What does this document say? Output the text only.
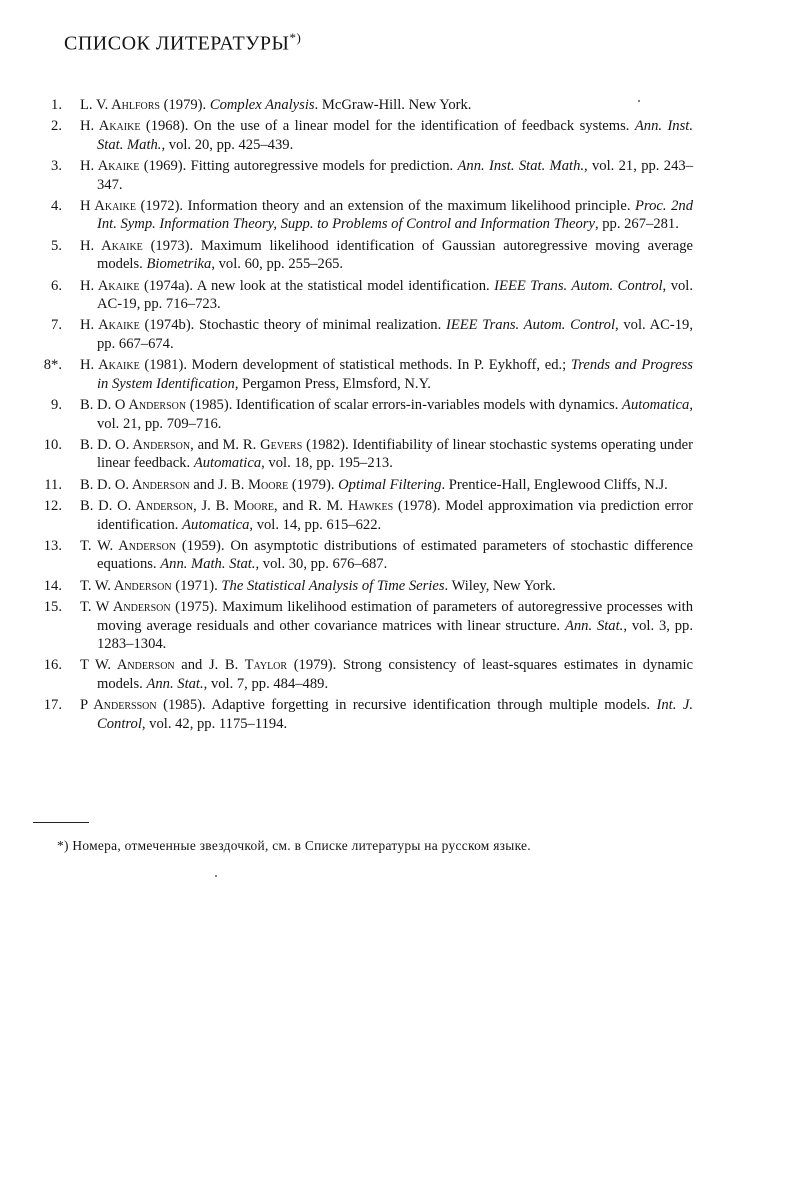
СПИСОК ЛИТЕРАТУРЫ*)
1. L. V. Ahlfors (1979). Complex Analysis. McGraw-Hill. New York.
2. H. Akaike (1968). On the use of a linear model for the identification of feedback systems. Ann. Inst. Stat. Math., vol. 20, pp. 425–439.
3. H. Akaike (1969). Fitting autoregressive models for prediction. Ann. Inst. Stat. Math., vol. 21, pp. 243–347.
4. H Akaike (1972). Information theory and an extension of the maximum likelihood principle. Proc. 2nd Int. Symp. Information Theory, Supp. to Problems of Control and Information Theory, pp. 267–281.
5. H. Akaike (1973). Maximum likelihood identification of Gaussian autoregressive moving average models. Biometrika, vol. 60, pp. 255–265.
6. H. Akaike (1974a). A new look at the statistical model identification. IEEE Trans. Autom. Control, vol. AC-19, pp. 716–723.
7. H. Akaike (1974b). Stochastic theory of minimal realization. IEEE Trans. Autom. Control, vol. AC-19, pp. 667–674.
8*. H. Akaike (1981). Modern development of statistical methods. In P. Eykhoff, ed.; Trends and Progress in System Identification, Pergamon Press, Elmsford, N.Y.
9. B. D. O Anderson (1985). Identification of scalar errors-in-variables models with dynamics. Automatica, vol. 21, pp. 709–716.
10. B. D. O. Anderson, and M. R. Gevers (1982). Identifiability of linear stochastic systems operating under linear feedback. Automatica, vol. 18, pp. 195–213.
11. B. D. O. Anderson and J. B. Moore (1979). Optimal Filtering. Prentice-Hall, Englewood Cliffs, N.J.
12. B. D. O. Anderson, J. B. Moore, and R. M. Hawkes (1978). Model approximation via prediction error identification. Automatica, vol. 14, pp. 615–622.
13. T. W. Anderson (1959). On asymptotic distributions of estimated parameters of stochastic difference equations. Ann. Math. Stat., vol. 30, pp. 676–687.
14. T. W. Anderson (1971). The Statistical Analysis of Time Series. Wiley, New York.
15. T. W Anderson (1975). Maximum likelihood estimation of parameters of autoregressive processes with moving average residuals and other covariance matrices with linear structure. Ann. Stat., vol. 3, pp. 1283–1304.
16. T W. Anderson and J. B. Taylor (1979). Strong consistency of least-squares estimates in dynamic models. Ann. Stat., vol. 7, pp. 484–489.
17. P Andersson (1985). Adaptive forgetting in recursive identification through multiple models. Int. J. Control, vol. 42, pp. 1175–1194.
*) Номера, отмеченные звездочкой, см. в Списке литературы на русском языке.
